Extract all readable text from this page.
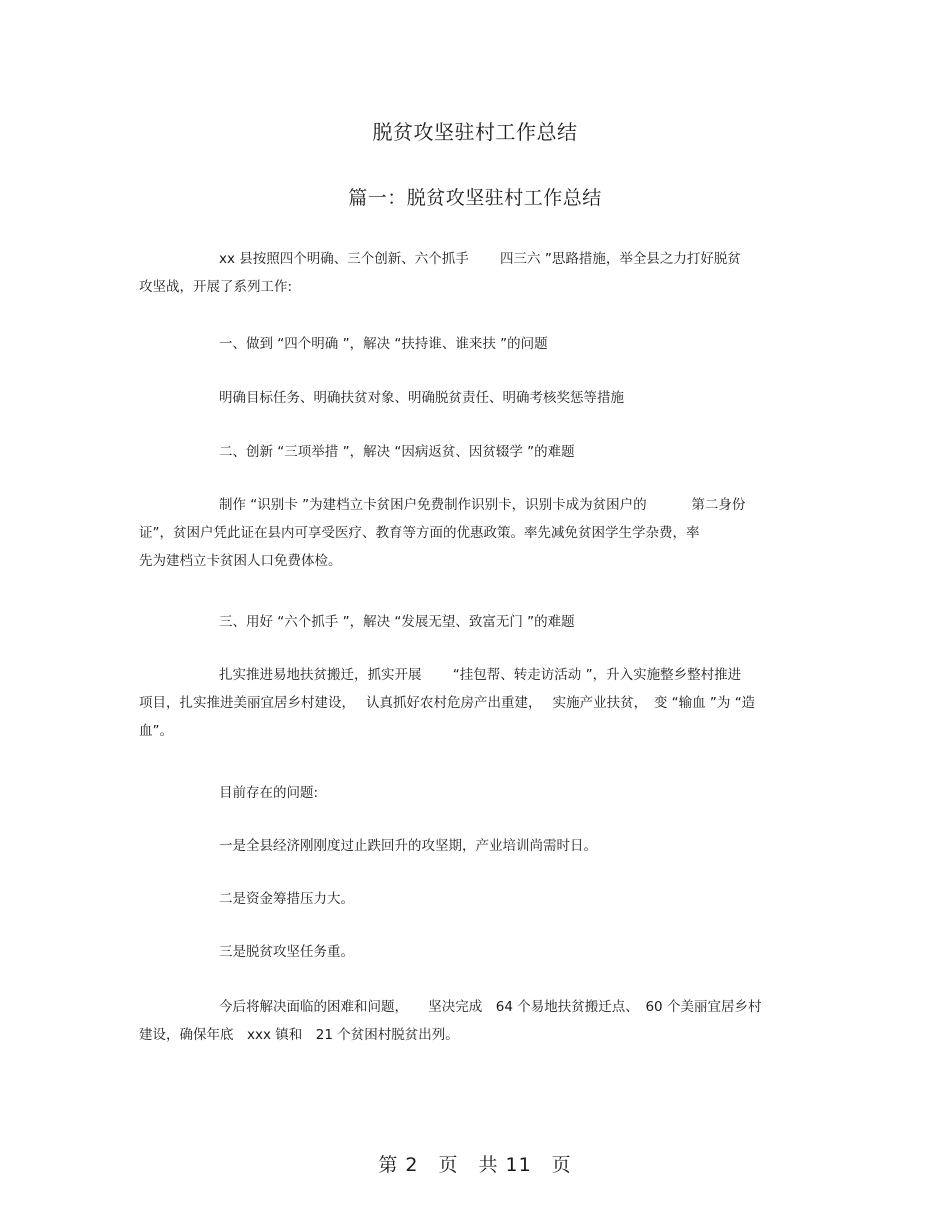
脱贫攻坚驻村工作总结
篇一：脱贫攻坚驻村工作总结
xx 县按照四个明确、三个创新、六个抓手　　 四三六 ”思路措施，举全县之力打好脱贫
攻坚战，开展了系列工作:
一、做到 “四个明确 ”，解决 “扶持谁、谁来扶 ”的问题
明确目标任务、明确扶贫对象、明确脱贫责任、明确考核奖惩等措施
二、创新 “三项举措 ”，解决 “因病返贫、因贫辍学 ”的难题
制作 “识别卡 ”为建档立卡贫困户免费制作识别卡，识别卡成为贫困户的　　　 第二身份
证”，贫困户凭此证在县内可享受医疗、教育等方面的优惠政策。率先减免贫困学生学杂费，率
先为建档立卡贫困人口免费体检。
三、用好 “六个抓手 ”，解决 “发展无望、致富无门 ”的难题
扎实推进易地扶贫搬迁，抓实开展　　 “挂包帮、转走访活动 ”，升入实施整乡整村推进
项目，扎实推进美丽宜居乡村建设，　 认真抓好农村危房产出重建，　 实施产业扶贫，　变 “输血 ”为 “造
血”。
目前存在的问题:
一是全县经济刚刚度过止跌回升的攻坚期，产业培训尚需时日。
二是资金筹措压力大。
三是脱贫攻坚任务重。
今后将解决面临的困难和问题，　　坚决完成　64 个易地扶贫搬迁点、　60 个美丽宜居乡村
建设，确保年底　xxx 镇和　21 个贫困村脱贫出列。
第 2　页　共 11　页
